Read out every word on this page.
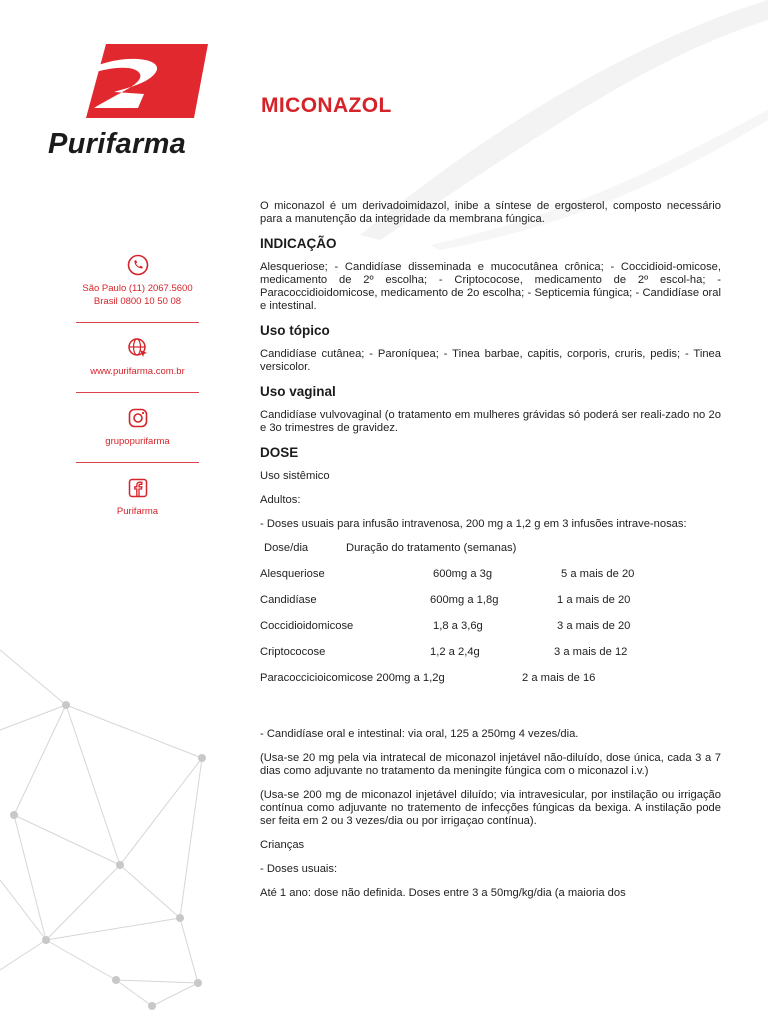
Purifarma
São Paulo (11) 2067.5600
Brasil 0800 10 50 08
www.purifarma.com.br
grupopurifarma
Purifarma
MICONAZOL

O miconazol é um derivadoimidazol, inibe a síntese de ergosterol, composto necessário para a manutenção da integridade da membrana fúngica.

INDICAÇÃO

Alesqueriose; - Candidíase disseminada e mucocutânea crônica; - Coccidioid-omicose, medicamento de 2º escolha; - Criptococose, medicamento de 2º escol-ha; - Paracoccidioidomicose, medicamento de 2o escolha; - Septicemia fúngica; - Candidíase oral e intestinal.

Uso tópico

Candidíase cutânea; - Paroníquea; - Tinea barbae, capitis, corporis, cruris, pedis; - Tinea versicolor.

Uso vaginal

Candidíase vulvovaginal (o tratamento em mulheres grávidas só poderá ser reali-zado no 2o e 3o trimestres de gravidez.

DOSE

Uso sistêmico

Adultos:

- Doses usuais para infusão intravenosa, 200 mg a 1,2 g em 3 infusões intrave-nosas:

Dose/dia	Duração do tratamento (semanas)
Alesqueriose	600mg a 3g	5 a mais de 20
Candidíase	600mg a 1,8g	1 a mais de 20
Coccidioidomicose	1,8 a 3,6g	3 a mais de 20
Criptococose	1,2 a 2,4g	3 a mais de 12
Paracoccicioicomicose 200mg a 1,2g	2 a mais de 16

- Candidíase oral e intestinal: via oral, 125 a 250mg 4 vezes/dia.

(Usa-se 20 mg pela via intratecal de miconazol injetável não-diluído, dose única, cada 3 a 7 dias como adjuvante no tratamento da meningite fúngica com o miconazol i.v.)

(Usa-se 200 mg de miconazol injetável diluído; via intravesicular, por instilação ou irrigação contínua como adjuvante no tratemento de infecções fúngicas da bexiga. A instilação pode ser feita em 2 ou 3 vezes/dia ou por irrigaçao contínua).

Crianças

- Doses usuais:

Até 1 ano: dose não definida. Doses entre 3 a 50mg/kg/dia (a maioria dos
